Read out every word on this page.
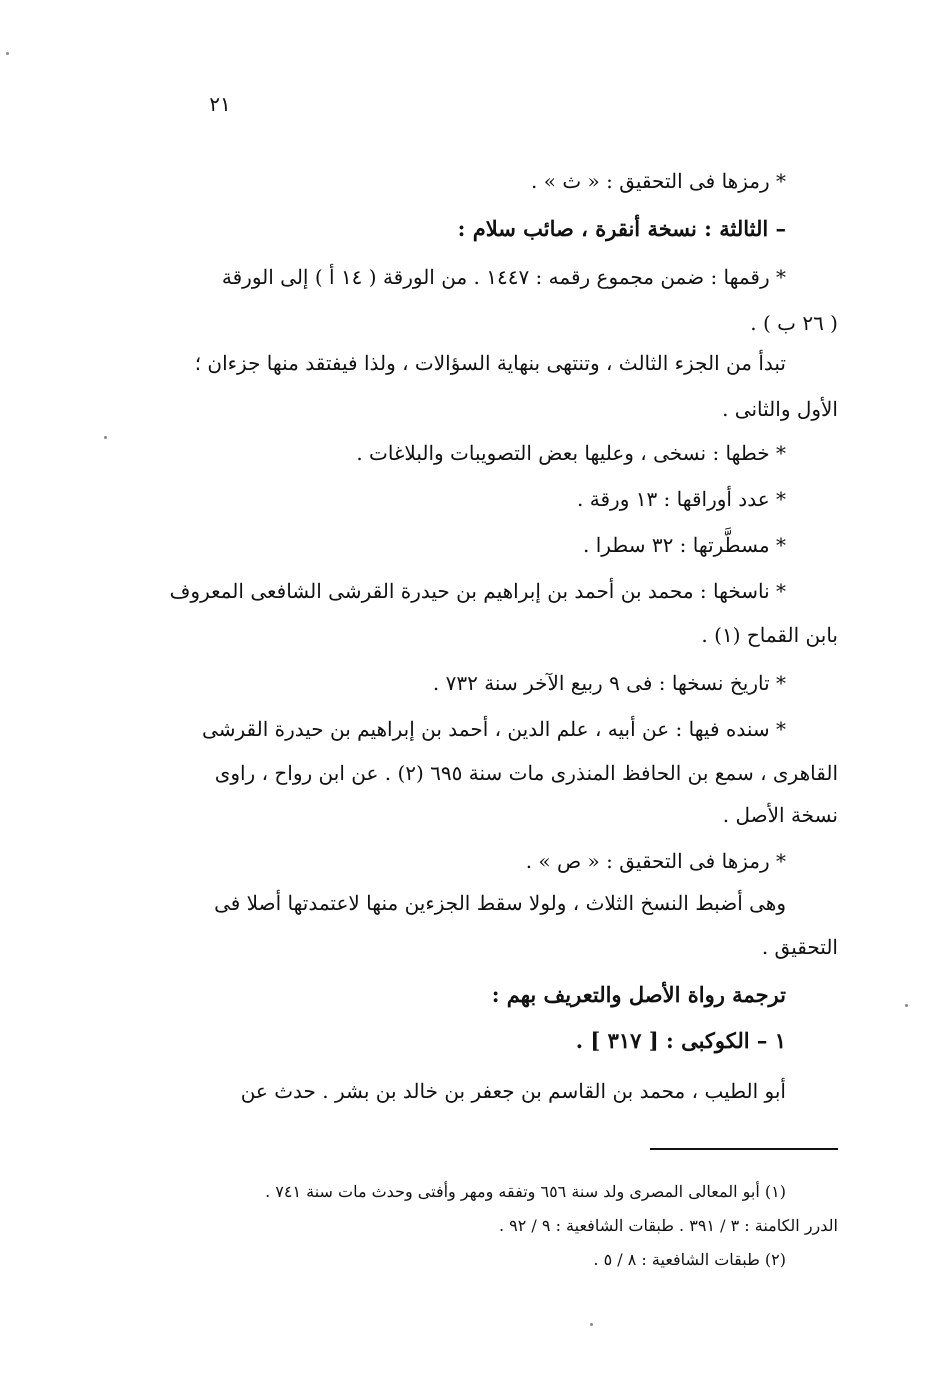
٢١
* رمزها فى التحقيق : « ث » .
– الثالثة : نسخة أنقرة ، صائب سلام :
* رقمها : ضمن مجموع رقمه : ١٤٤٧ . من الورقة ( ١٤ أ ) إلى الورقة
( ٢٦ ب ) .
تبدأ من الجزء الثالث ، وتنتهى بنهاية السؤالات ، ولذا فيفتقد منها جزءان ؛
الأول والثانى .
* خطها : نسخى ، وعليها بعض التصويبات والبلاغات .
* عدد أوراقها : ١٣ ورقة .
* مسطَّرتها : ٣٢ سطرا .
* ناسخها : محمد بن أحمد بن إبراهيم بن حيدرة القرشى الشافعى المعروف
بابن القماح (١) .
* تاريخ نسخها : فى ٩ ربيع الآخر سنة ٧٣٢ .
* سنده فيها : عن أبيه ، علم الدين ، أحمد بن إبراهيم بن حيدرة القرشى
القاهرى ، سمع بن الحافظ المنذرى مات سنة ٦٩٥ (٢) . عن ابن رواح ، راوى
نسخة الأصل .
* رمزها فى التحقيق : « ص » .
وهى أضبط النسخ الثلاث ، ولولا سقط الجزءين منها لاعتمدتها أصلا فى
التحقيق .
ترجمة رواة الأصل والتعريف بهم :
١ – الكوكبى : [ ٣١٧ ] .
أبو الطيب ، محمد بن القاسم بن جعفر بن خالد بن بشر . حدث عن
(١) أبو المعالى المصرى ولد سنة ٦٥٦ وتفقه ومهر وأفتى وحدث مات سنة ٧٤١ .
الدرر الكامنة : ٣ / ٣٩١ . طبقات الشافعية : ٩ / ٩٢ .
(٢) طبقات الشافعية : ٨ / ٥ .
